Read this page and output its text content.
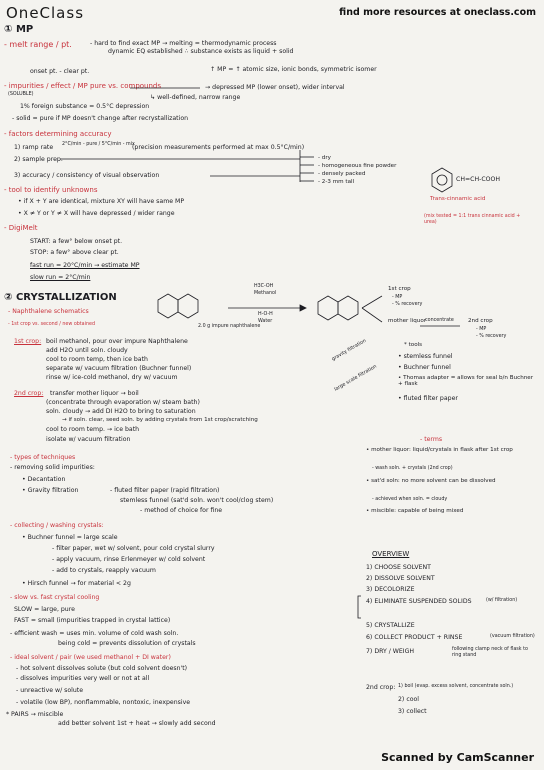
OneClass	find more resources at oneclass.com
① MP
- melt range / pt.	- hard to find exact MP → melting = thermodynamic process
dynamic EQ established ∴ substance exists as liquid + solid
onset pt. - clear pt.	↑ MP = ↑ atomic size, ionic bonds, symmetric isomer
- impurities / effect / MP pure vs. compounds	→ depressed MP (lower onset), wider interval
(SOLUBLE)	↳ well-defined, narrow range
1% foreign substance = 0.5°C depression
- solid = pure if MP doesn't change after recrystallization
- factors determining accuracy
1) ramp rate 2°C/min - pure / 5°C/min - mix
(precision measurements performed at max 0.5°C/min)
2) sample prep.	- dry
- homogeneous fine powder
- densely packed
- 2-3 mm tall
3) accuracy / consistency of visual observation
- tool to identify unknowns
• if X + Y are identical, mixture XY will have same MP
• X ≠ Y or Y ≠ X will have depressed / wider range
CH=CH-COOH
Trans-cinnamic acid
(mix tested = 1:1 trans cinnamic acid + urea)
- DigiMelt
START: a few° below onset pt.
STOP: a few° above clear pt.
fast run = 20°C/min → estimate MP
slow run = 2°C/min
② CRYSTALLIZATION
- Naphthalene schematics
- 1st crop vs. second / new obtained	2.0 g impure naphthalene
H3C-OH
Methanol
H-O-H
Water
1st crop
- MP
- % recovery
mother liquor
concentrate	2nd crop
- MP
- % recovery
1st crop: boil methanol, pour over impure Naphthalene
add H2O until soln. cloudy
cool to room temp, then ice bath
separate w/ vacuum filtration (Buchner funnel)
rinse w/ ice-cold methanol, dry w/ vacuum
gravity filtration
large scale filtration
* tools
• stemless funnel
• Buchner funnel
• Thomas adapter = allows for seal b/n Buchner + flask
• fluted filter paper
2nd crop: transfer mother liquor → boil
(concentrate through evaporation w/ steam bath)
soln. cloudy → add DI H2O to bring to saturation
→ if soln. clear, seed soln. by adding crystals from 1st crop/scratching
cool to room temp. → ice bath
isolate w/ vacuum filtration
- types of techniques
- removing solid impurities:
• Decantation
• Gravity filtration	- fluted filter paper (rapid filtration)
stemless funnel (sat'd soln. won't cool/clog stem)
- method of choice for fine
- terms
• mother liquor: liquid/crystals in flask after 1st crop
- wash soln. + crystals (2nd crop)
• sat'd soln: no more solvent can be dissolved
- achieved when soln. = cloudy
• miscible: capable of being mixed
- collecting / washing crystals:
• Buchner funnel = large scale
- filter paper, wet w/ solvent, pour cold crystal slurry
- apply vacuum, rinse Erlenmeyer w/ cold solvent
- add to crystals, reapply vacuum
• Hirsch funnel → for material < 2g
- slow vs. fast crystal cooling
SLOW = large, pure
FAST = small (impurities trapped in crystal lattice)
- efficient wash = uses min. volume of cold wash soln.
being cold = prevents dissolution of crystals
- ideal solvent / pair (we used methanol + DI water)
- hot solvent dissolves solute (but cold solvent doesn't)
- dissolves impurities very well or not at all
- unreactive w/ solute
- volatile (low BP), nonflammable, nontoxic, inexpensive
* PAIRS → miscible
add better solvent 1st + heat → slowly add second
OVERVIEW
1) CHOOSE SOLVENT
2) DISSOLVE SOLVENT
3) DECOLORIZE
4) ELIMINATE SUSPENDED SOLIDS	(w/ filtration)
5) CRYSTALLIZE
6) COLLECT PRODUCT + RINSE	(vacuum filtration)
7) DRY / WEIGH	following clamp neck of flask to ring stand
2nd crop: 1) boil (evap. excess solvent, concentrate soln.)
2) cool
3) collect
Scanned by CamScanner
